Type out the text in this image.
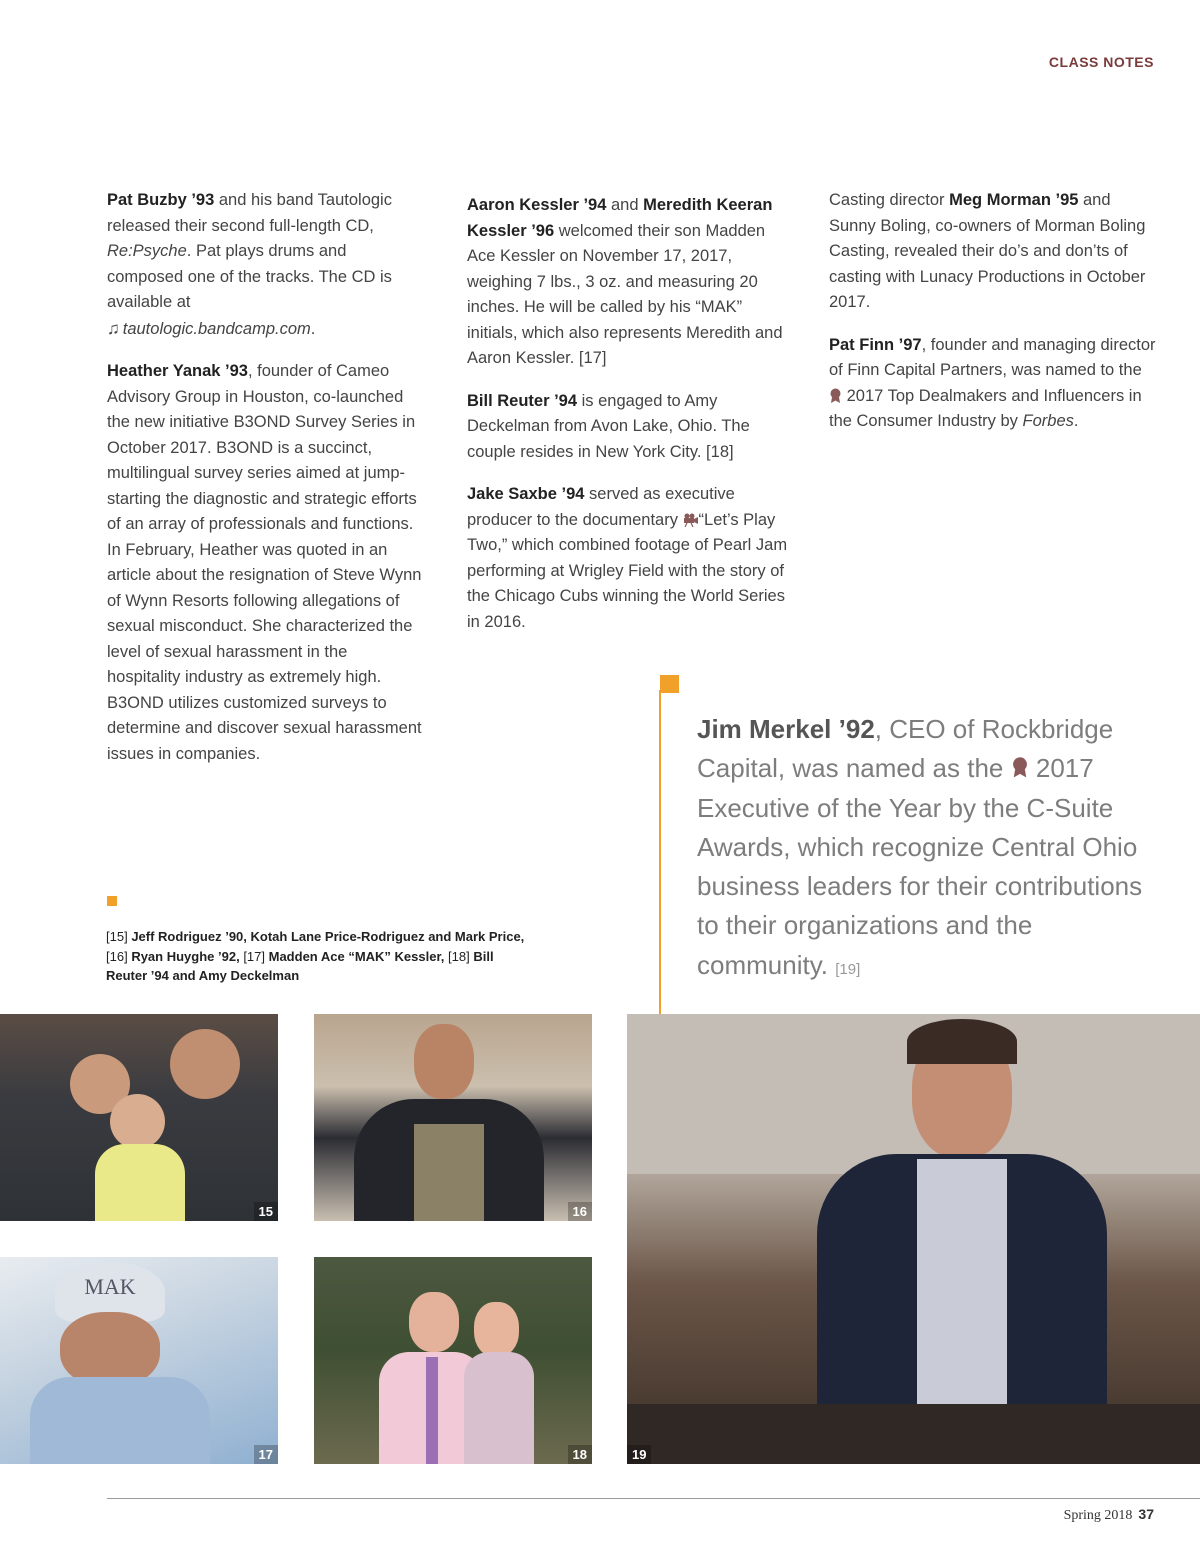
CLASS NOTES

Pat Buzby ’93 and his band Tautologic released their second full-length CD, Re:Psyche. Pat plays drums and composed one of the tracks. The CD is available at
♫ tautologic.bandcamp.com.

Heather Yanak ’93, founder of Cameo Advisory Group in Houston, co-launched the new initiative B3OND Survey Series in October 2017. B3OND is a succinct, multilingual survey series aimed at jump-starting the diagnostic and strategic efforts of an array of professionals and functions. In February, Heather was quoted in an article about the resignation of Steve Wynn of Wynn Resorts following allegations of sexual misconduct. She characterized the level of sexual harassment in the hospitality industry as extremely high. B3OND utilizes customized surveys to determine and discover sexual harassment issues in companies.

Aaron Kessler ’94 and Meredith Keeran Kessler ’96 welcomed their son Madden Ace Kessler on November 17, 2017, weighing 7 lbs., 3 oz. and measuring 20 inches. He will be called by his “MAK” initials, which also represents Meredith and Aaron Kessler. [17]

Bill Reuter ’94 is engaged to Amy Deckelman from Avon Lake, Ohio. The couple resides in New York City. [18]

Jake Saxbe ’94 served as executive producer to the documentary “Let’s Play Two,” which combined footage of Pearl Jam performing at Wrigley Field with the story of the Chicago Cubs winning the World Series in 2016.

Casting director Meg Morman ’95 and Sunny Boling, co-owners of Morman Boling Casting, revealed their do’s and don’ts of casting with Lunacy Productions in October 2017.

Pat Finn ’97, founder and managing director of Finn Capital Partners, was named to the  2017 Top Dealmakers and Influencers in the Consumer Industry by Forbes.

Jim Merkel ’92, CEO of Rockbridge Capital, was named as the  2017 Executive of the Year by the C-Suite Awards, which recognize Central Ohio business leaders for their contributions to their organizations and the community. [19]
[15] Jeff Rodriguez ’90, Kotah Lane Price-Rodriguez and Mark Price, [16] Ryan Huyghe ’92, [17] Madden Ace “MAK” Kessler, [18] Bill Reuter ’94 and Amy Deckelman
15	16
MAK
17	18	19
Spring 2018 37
